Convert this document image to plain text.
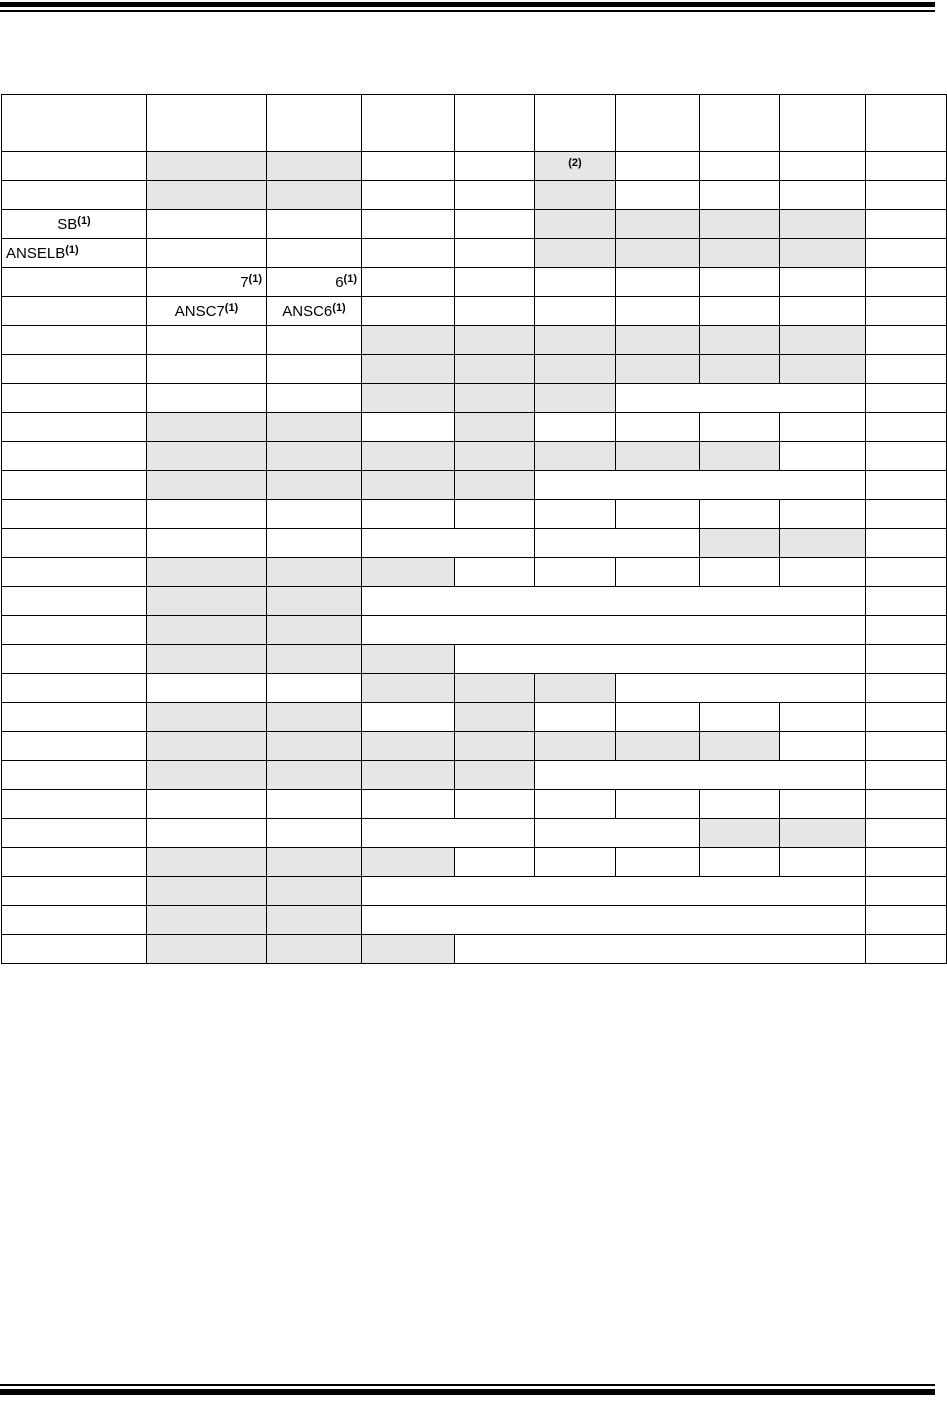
					$^{(2)}$				

SB$^{(1)}$									
ANSELB$^{(1)}$									
	7$^{(1)}$	6$^{(1)}$							
	ANSC7$^{(1)}$	ANSC6$^{(1)}$							
